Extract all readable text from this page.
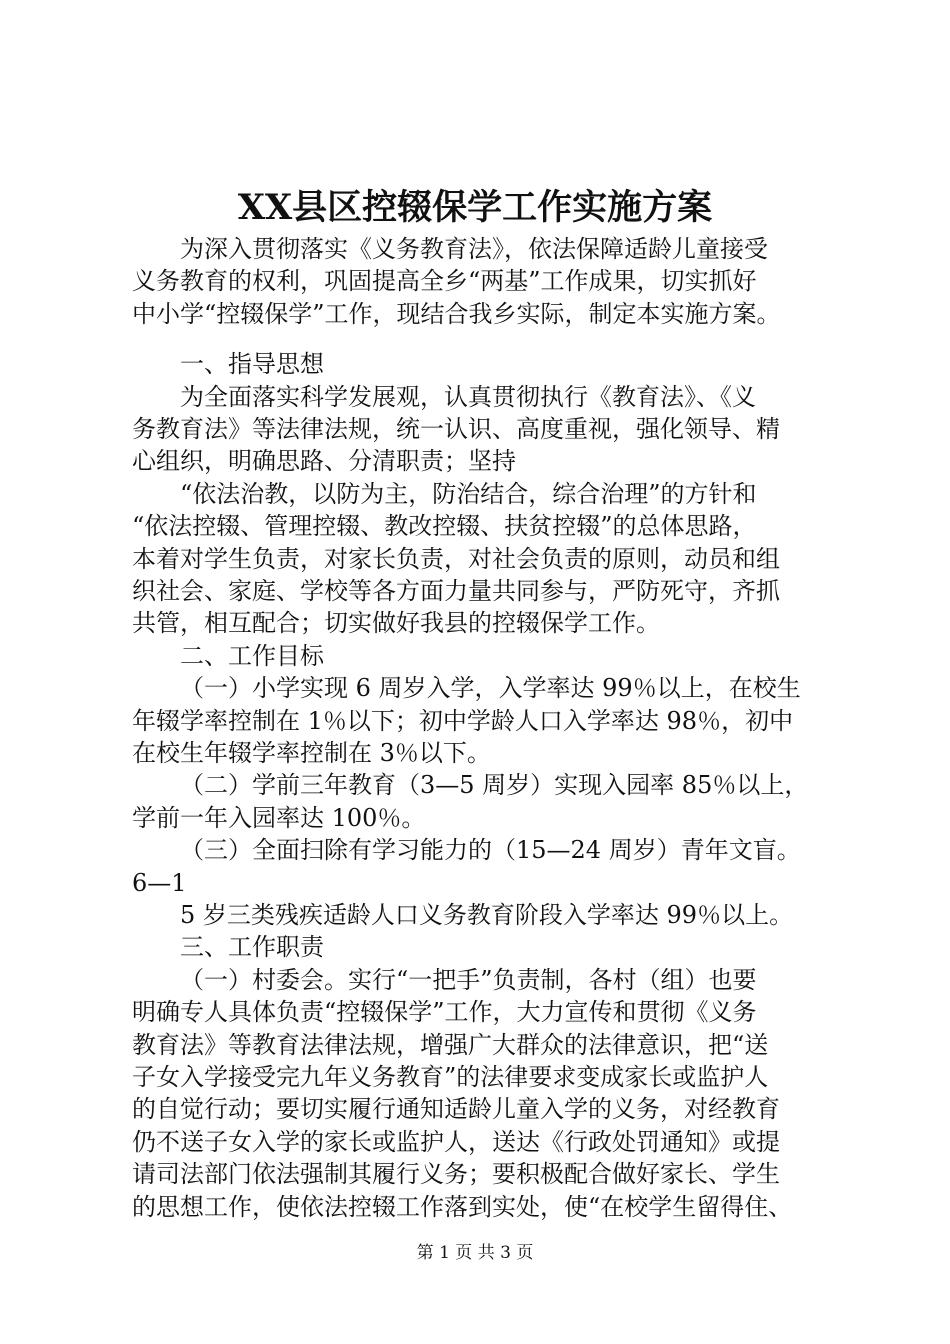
XX县区控辍保学工作实施方案
为深入贯彻落实《义务教育法》，依法保障适龄儿童接受
义务教育的权利，巩固提高全乡“两基”工作成果，切实抓好
中小学“控辍保学”工作，现结合我乡实际，制定本实施方案。
一、指导思想
为全面落实科学发展观，认真贯彻执行《教育法》、《义
务教育法》等法律法规，统一认识、高度重视，强化领导、精
心组织，明确思路、分清职责；坚持
“依法治教，以防为主，防治结合，综合治理”的方针和
“依法控辍、管理控辍、教改控辍、扶贫控辍”的总体思路，
本着对学生负责，对家长负责，对社会负责的原则，动员和组
织社会、家庭、学校等各方面力量共同参与，严防死守，齐抓
共管，相互配合；切实做好我县的控辍保学工作。
二、工作目标
（一）小学实现 6 周岁入学，入学率达 99％以上，在校生
年辍学率控制在 1％以下；初中学龄人口入学率达 98％，初中
在校生年辍学率控制在 3％以下。
（二）学前三年教育（3—5 周岁）实现入园率 85％以上，
学前一年入园率达 100％。
（三）全面扫除有学习能力的（15—24 周岁）青年文盲。
6—1
5 岁三类残疾适龄人口义务教育阶段入学率达 99％以上。
三、工作职责
（一）村委会。实行“一把手”负责制，各村（组）也要
明确专人具体负责“控辍保学”工作，大力宣传和贯彻《义务
教育法》等教育法律法规，增强广大群众的法律意识，把“送
子女入学接受完九年义务教育”的法律要求变成家长或监护人
的自觉行动；要切实履行通知适龄儿童入学的义务，对经教育
仍不送子女入学的家长或监护人，送达《行政处罚通知》或提
请司法部门依法强制其履行义务；要积极配合做好家长、学生
的思想工作，使依法控辍工作落到实处，使“在校学生留得住、
第 1 页 共 3 页
